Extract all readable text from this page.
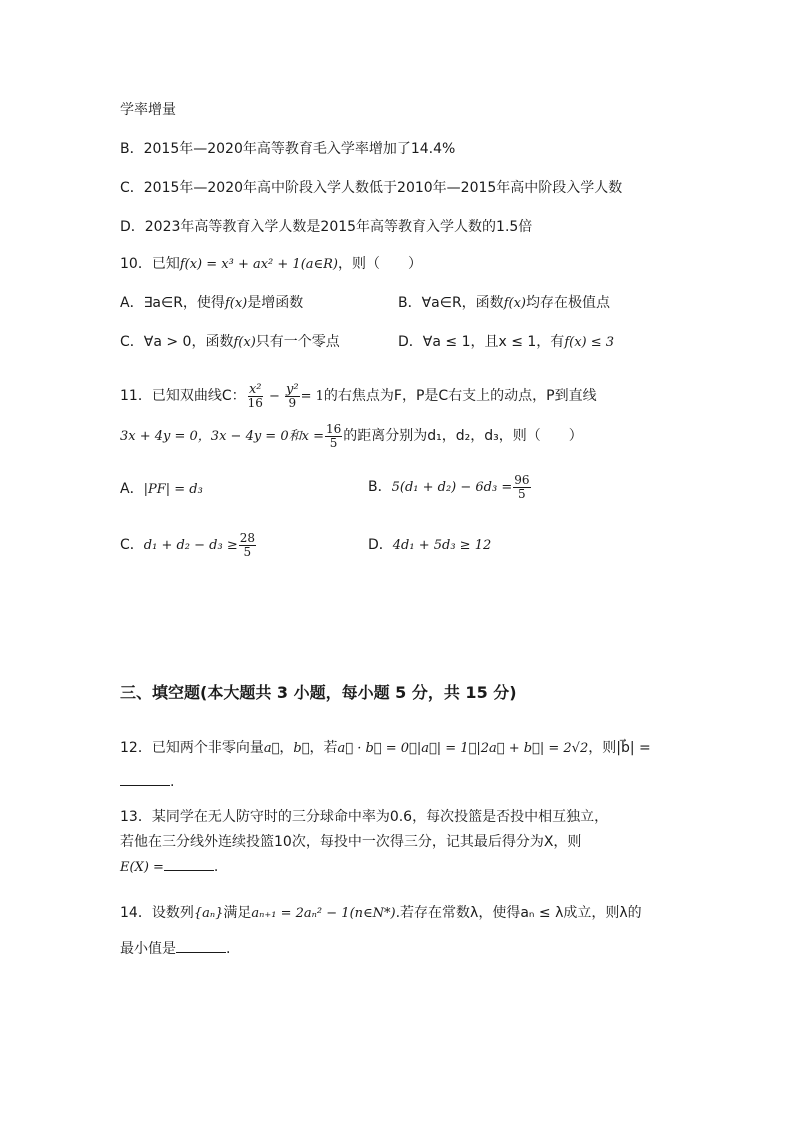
学率增量
B．2015年—2020年高等教育毛入学率增加了14.4%
C．2015年—2020年高中阶段入学人数低于2010年—2015年高中阶段入学人数
D．2023年高等教育入学人数是2015年高等教育入学人数的1.5倍
10．已知f(x) = x³ + ax² + 1(a∈R)，则（　　）
A．∃a∈R，使得f(x)是增函数	B．∀a∈R，函数f(x)均存在极值点
C．∀a > 0，函数f(x)只有一个零点	D．∀a ≤ 1，且x ≤ 1，有f(x) ≤ 3
11．已知双曲线C： $\frac{\text{x²}}{16} - \frac{\text{y²}}{9} = 1$的右焦点为F，P是C右支上的动点，P到直线
3x + 4y = 0，3x − 4y = 0和$x = \frac{16}{5}$ 的距离分别为d₁，d₂，d₃，则（　　）
A．|PF| = d₃	B．$5(d_1 + d_2) - 6d_3 = \frac{96}{5}$
C．$d_1 + d_2 - d_3 \ge \frac{28}{5}$	D．4d₁ + 5d₃ ≥ 12
三、填空题(本大题共 3 小题，每小题 5 分，共 15 分)
12．已知两个非零向量a⃗，b⃗，若a⃗ · b⃗ = 0，|a⃗| = 1，|2a⃗ + b⃗| = 2√2，则|b⃗| =
.
13．某同学在无人防守时的三分球命中率为0.6，每次投篮是否投中相互独立，
若他在三分线外连续投篮10次，每投中一次得三分，记其最后得分为X，则
E(X) =	.
14．设数列{aₙ}满足aₙ₊₁ = 2aₙ² − 1(n∈N*).若存在常数λ，使得aₙ ≤ λ成立，则λ的
最小值是	.
